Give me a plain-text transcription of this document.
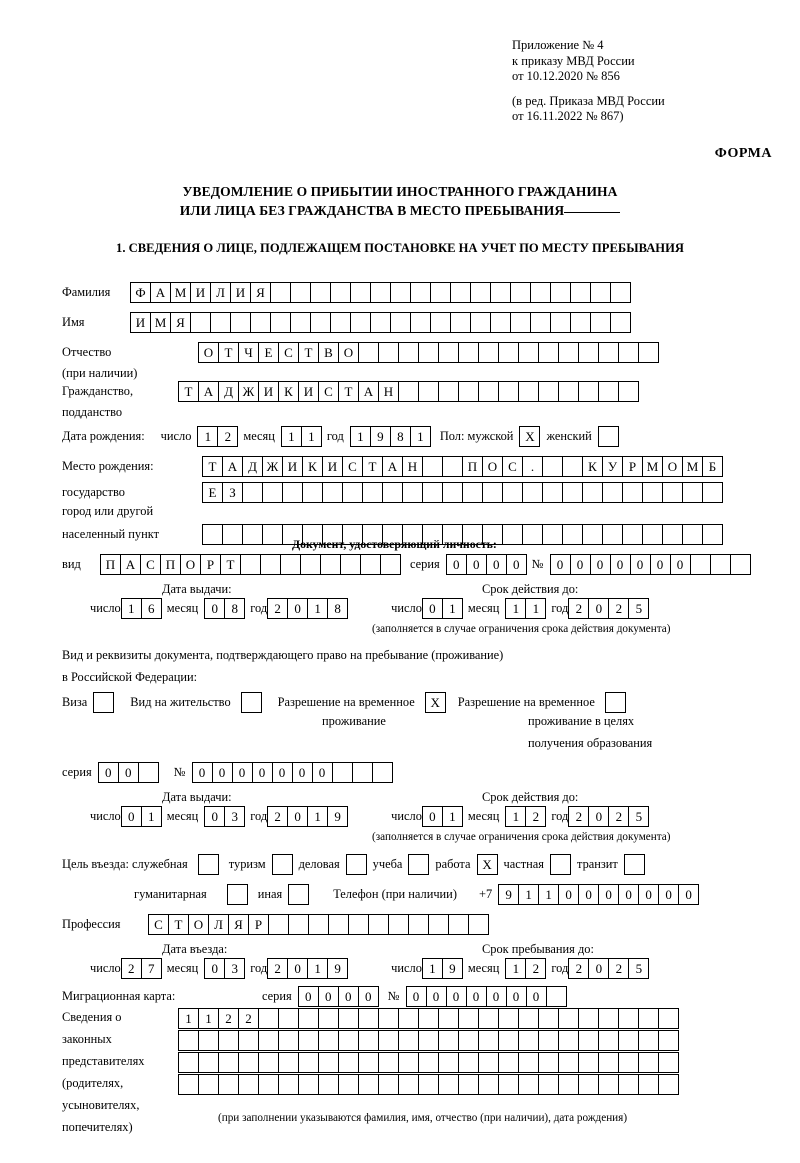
Приложение № 4
к приказу МВД России
от 10.12.2020 № 856
(в ред. Приказа МВД России
от 16.11.2022 № 867)
ФОРМА
УВЕДОМЛЕНИЕ О ПРИБЫТИИ ИНОСТРАННОГО ГРАЖДАНИНА
ИЛИ ЛИЦА БЕЗ ГРАЖДАНСТВА В МЕСТО ПРЕБЫВАНИЯ
1. СВЕДЕНИЯ О ЛИЦЕ, ПОДЛЕЖАЩЕМ ПОСТАНОВКЕ НА УЧЕТ ПО МЕСТУ ПРЕБЫВАНИЯ
Фамилия	Ф А М И Л И Я
Имя	И М Я
Отчество	О Т Ч Е С Т В О
(при наличии)
Гражданство,	Т А Д Ж И К И С Т А Н
подданство
Дата рождения: число	1	2 месяц	1	1 год	1	9	8	1	Пол: мужской X женский
Место рождения:	Т А Д Ж И К И С Т А Н	П О С	.	К У Р М О М Б
государство	Е З
город или другой
населенный пункт
Документ, удостоверяющий личность:
вид	П А С П О Р Т	серия	0	0	0	0 №	0	0	0	0	0	0	0
Дата выдачи:	Срок действия до:
число 1	6 месяц	0	8 год 2	0	1	8	число 0	1 месяц	1	1 год 2	0	2	5
(заполняется в случае ограничения срока действия документа)
Вид и реквизиты документа, подтверждающего право на пребывание (проживание)
в Российской Федерации:
Виза	Вид на жительство	Разрешение на временное	X	Разрешение на временное
проживание	проживание в целях
получения образования
серия	0	0	№	0	0	0	0	0	0	0
Дата выдачи:	Срок действия до:
число 0	1 месяц	0	3 год 2	0	1	9	число 0	1 месяц	1	2 год 2	0	2	5
(заполняется в случае ограничения срока действия документа)
Цель въезда: служебная	туризм	деловая	учеба	работа X частная	транзит
гуманитарная	иная	Телефон (при наличии) +7	9	1	1	0	0	0	0	0	0	0
Профессия	С Т О Л Я Р
Дата въезда:	Срок пребывания до:
число 2	7 месяц	0	3 год 2	0	1	9	число 1	9 месяц	1	2 год 2	0	2	5
Миграционная карта:	серия	0	0	0	0	№	0	0	0	0	0	0	0
Сведения о
законных
представителях
(родителях,
усыновителях,
попечителях)
1	1	2	2
(при заполнении указываются фамилия, имя, отчество (при наличии), дата рождения)
